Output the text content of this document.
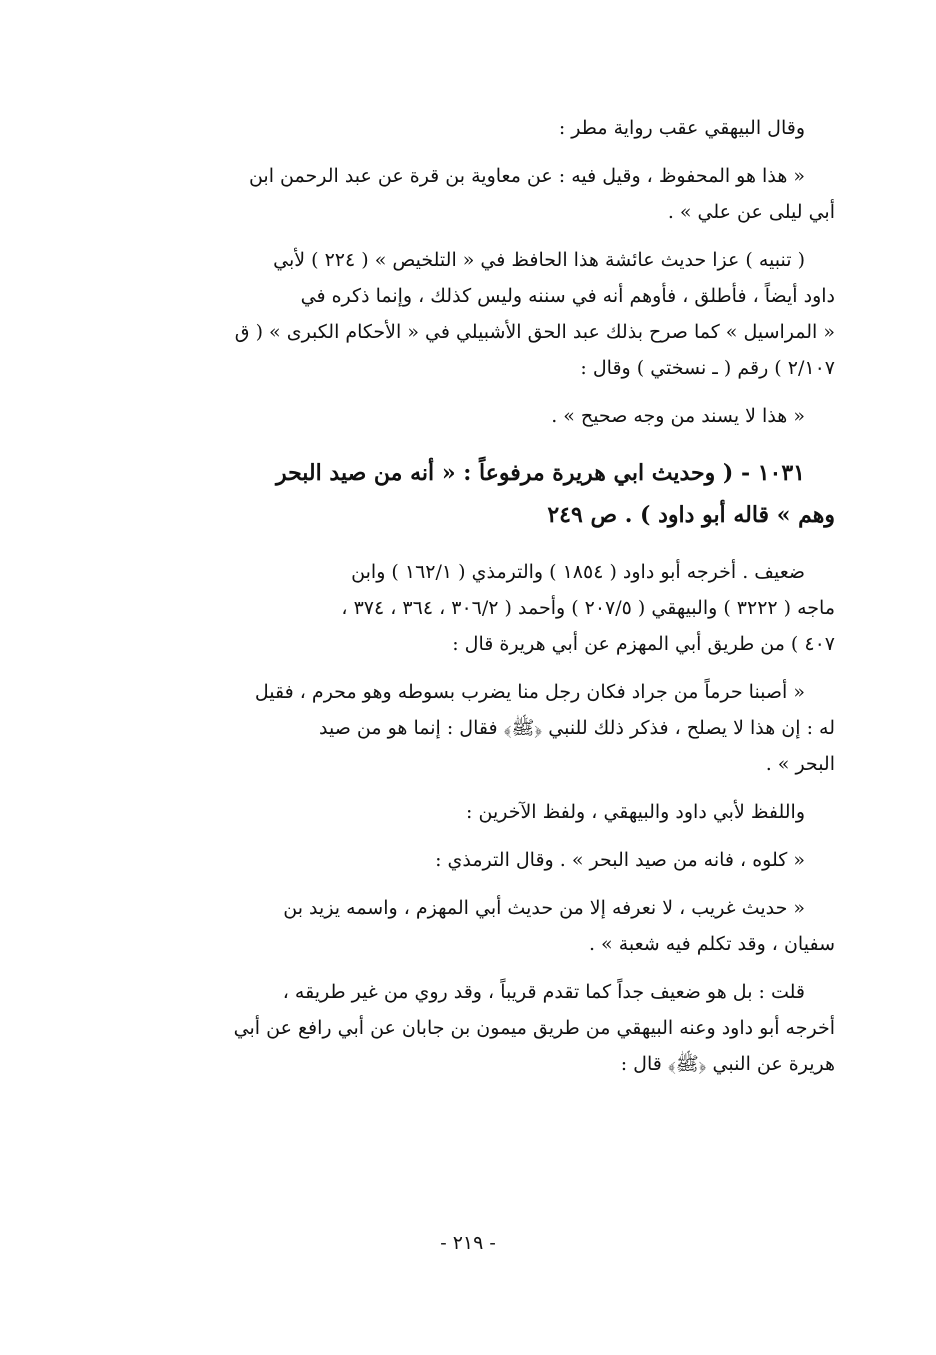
وقال البيهقي عقب رواية مطر :
« هذا هو المحفوظ ، وقيل فيه : عن معاوية بن قرة عن عبد الرحمن ابن
أبي ليلى عن علي » .
( تنبيه ) عزا حديث عائشة هذا الحافظ في « التلخيص » ( ٢٢٤ ) لأبي
داود أيضاً ، فأطلق ، فأوهم أنه في سننه وليس كذلك ، وإنما ذكره في
« المراسيل » كما صرح بذلك عبد الحق الأشبيلي في « الأحكام الكبرى » ( ق
٢/١٠٧ ) رقم ( ـ نسختي ) وقال :
« هذا لا يسند من وجه صحيح » .
١٠٣١ - ( وحديث ابي هريرة مرفوعاً : « أنه من صيد البحر
وهم » قاله أبو داود ) . ص ٢٤٩
ضعيف . أخرجه أبو داود ( ١٨٥٤ ) والترمذي ( ١٦٢/١ ) وابن
ماجه ( ٣٢٢٢ ) والبيهقي ( ٢٠٧/٥ ) وأحمد ( ٣٠٦/٢ ، ٣٦٤ ، ٣٧٤ ،
٤٠٧ ) من طريق أبي المهزم عن أبي هريرة قال :
« أصبنا حرماً من جراد فكان رجل منا يضرب بسوطه وهو محرم ، فقيل
له : إن هذا لا يصلح ، فذكر ذلك للنبي ﴿ﷺ﴾ فقال : إنما هو من صيد
البحر » .
واللفظ لأبي داود والبيهقي ، ولفظ الآخرين :
« كلوه ، فانه من صيد البحر » . وقال الترمذي :
« حديث غريب ، لا نعرفه إلا من حديث أبي المهزم ، واسمه يزيد بن
سفيان ، وقد تكلم فيه شعبة » .
قلت : بل هو ضعيف جداً كما تقدم قريباً ، وقد روي من غير طريقه ،
أخرجه أبو داود وعنه البيهقي من طريق ميمون بن جابان عن أبي رافع عن أبي
هريرة عن النبي ﴿ﷺ﴾ قال :
- ٢١٩ -
